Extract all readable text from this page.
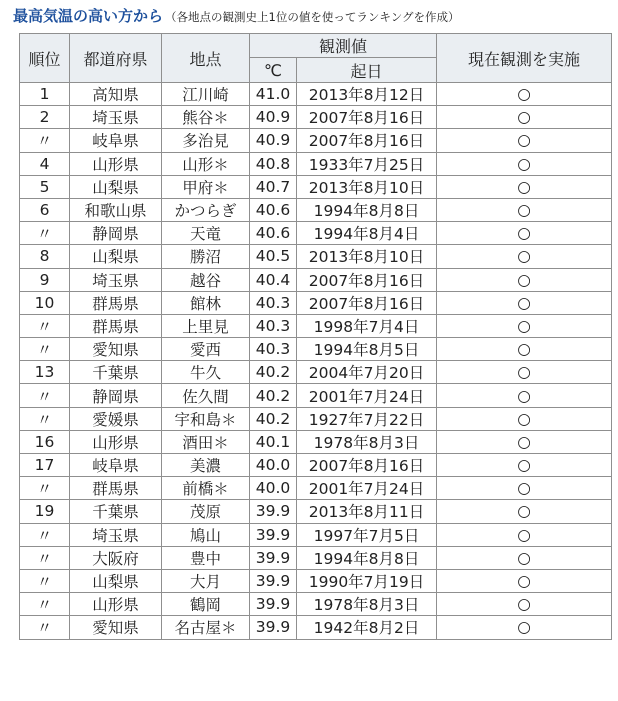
最高気温の高い方から （各地点の観測史上1位の値を使ってランキングを作成）
順位	都道府県	地点	観測値		現在観測を実施
			℃	起日	
1	高知県	江川崎	41.0	2013年8月12日	○
2	埼玉県	熊谷＊	40.9	2007年8月16日	○
〃	岐阜県	多治見	40.9	2007年8月16日	○
4	山形県	山形＊	40.8	1933年7月25日	○
5	山梨県	甲府＊	40.7	2013年8月10日	○
6	和歌山県	かつらぎ	40.6	1994年8月8日	○
〃	静岡県	天竜	40.6	1994年8月4日	○
8	山梨県	勝沼	40.5	2013年8月10日	○
9	埼玉県	越谷	40.4	2007年8月16日	○
10	群馬県	館林	40.3	2007年8月16日	○
〃	群馬県	上里見	40.3	1998年7月4日	○
〃	愛知県	愛西	40.3	1994年8月5日	○
13	千葉県	牛久	40.2	2004年7月20日	○
〃	静岡県	佐久間	40.2	2001年7月24日	○
〃	愛媛県	宇和島＊	40.2	1927年7月22日	○
16	山形県	酒田＊	40.1	1978年8月3日	○
17	岐阜県	美濃	40.0	2007年8月16日	○
〃	群馬県	前橋＊	40.0	2001年7月24日	○
19	千葉県	茂原	39.9	2013年8月11日	○
〃	埼玉県	鳩山	39.9	1997年7月5日	○
〃	大阪府	豊中	39.9	1994年8月8日	○
〃	山梨県	大月	39.9	1990年7月19日	○
〃	山形県	鶴岡	39.9	1978年8月3日	○
〃	愛知県	名古屋＊	39.9	1942年8月2日	○
